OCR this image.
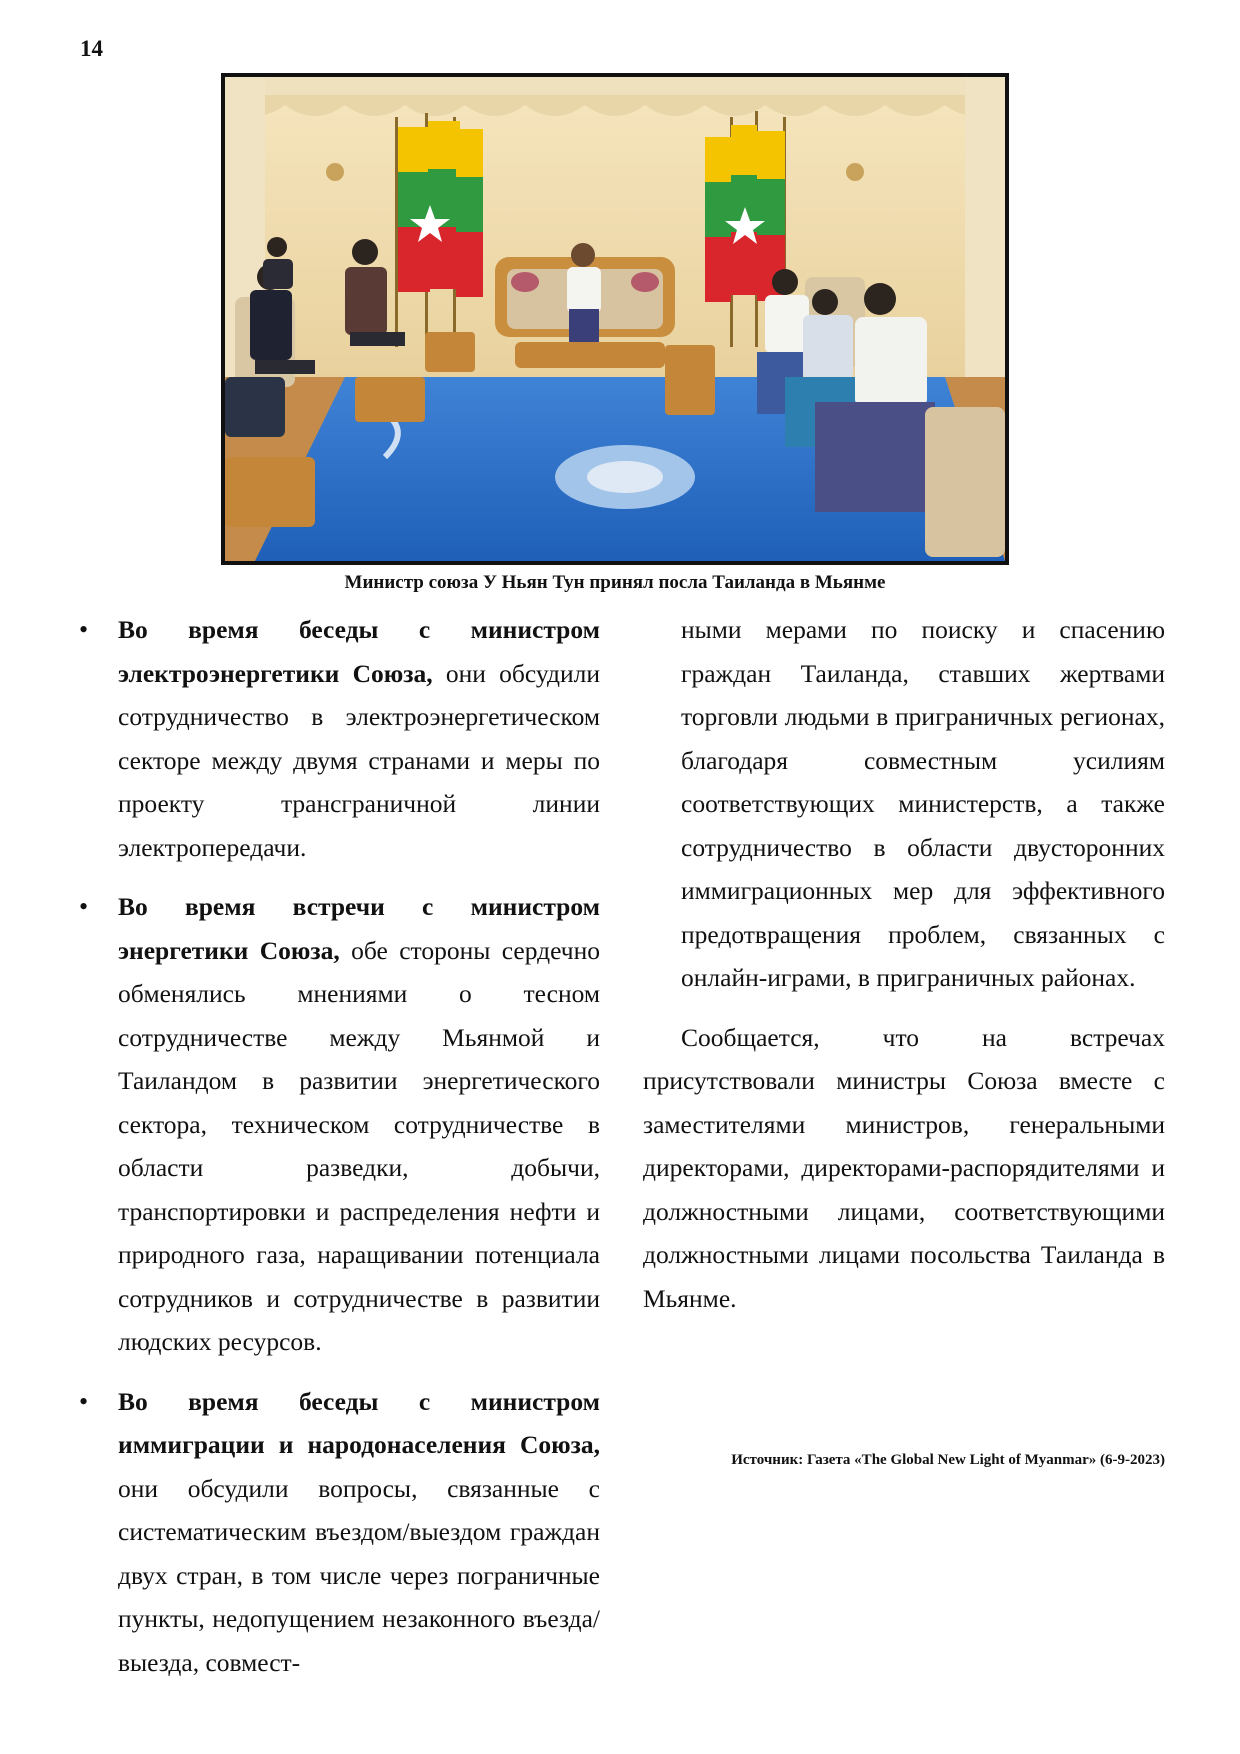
14
Министр союза У Ньян Тун принял посла Таиланда в Мьянме
• Во время беседы с министром электроэнергетики Союза, они обсудили сотрудничество в электроэнергетическом секторе между двумя странами и меры по проекту трансграничной линии электропередачи.
• Во время встречи с министром энергетики Союза, обе стороны сердечно обменялись мнениями о тесном сотрудничестве между Мьянмой и Таиландом в развитии энергетического сектора, техническом сотрудничестве в области разведки, добычи, транспортировки и распределения нефти и природного газа, наращивании потенциала сотрудников и сотрудничестве в развитии людских ресурсов.
• Во время беседы с министром иммиграции и народонаселения Союза, они обсудили вопросы, связанные с систематическим въездом/выездом граждан двух стран, в том числе через пограничные пункты, недопущением незаконного въезда/выезда, совмест-

ными мерами по поиску и спасению граждан Таиланда, ставших жертвами торговли людьми в приграничных регионах, благодаря совместным усилиям соответствующих министерств, а также сотрудничество в области двусторонних иммиграционных мер для эффективного предотвращения проблем, связанных с онлайн-играми, в приграничных районах.

Сообщается, что на встречах присутствовали министры Союза вместе с заместителями министров, генеральными директорами, директорами-распорядителями и должностными лицами, соответствующими должностными лицами посольства Таиланда в Мьянме.

Источник: Газета «The Global New Light of Myanmar» (6-9-2023)
